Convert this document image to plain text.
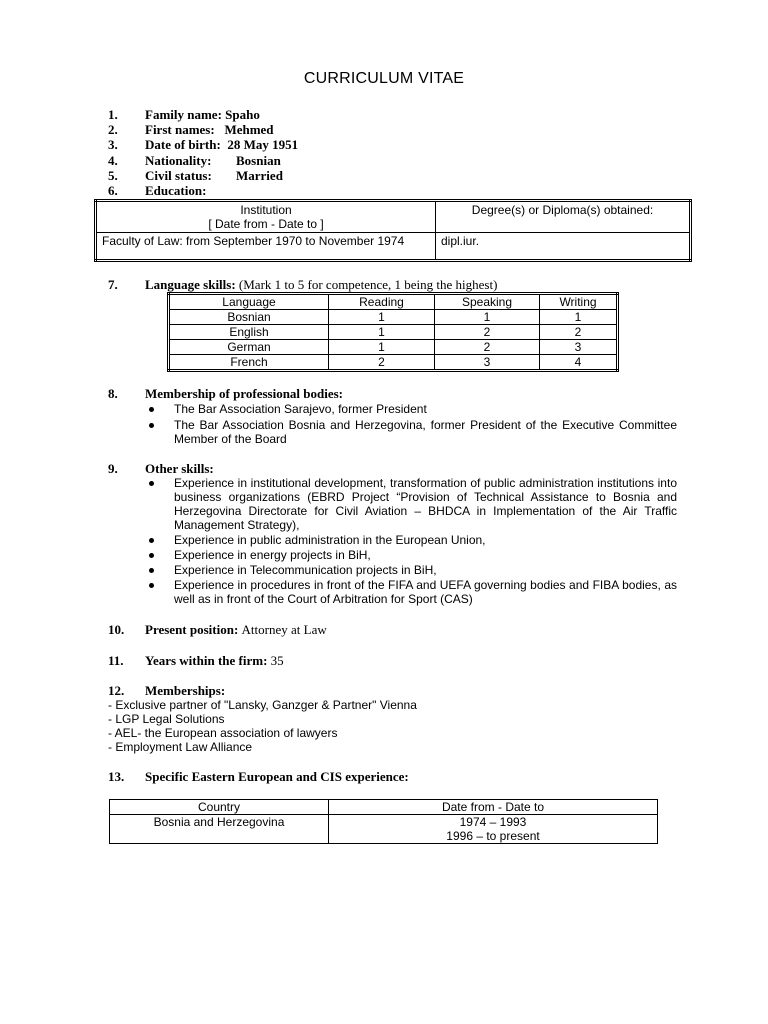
CURRICULUM VITAE
1. Family name: Spaho
2. First names: Mehmed
3. Date of birth: 28 May 1951
4. Nationality: Bosnian
5. Civil status: Married
6. Education:
Institution
[ Date from - Date to ]	Degree(s) or Diploma(s) obtained:
Faculty of Law: from September 1970 to November 1974	dipl.iur.
7. Language skills: (Mark 1 to 5 for competence, 1 being the highest)
Language	Reading	Speaking	Writing
Bosnian	1	1	1
English	1	2	2
German	1	2	3
French	2	3	4
8. Membership of professional bodies:
The Bar Association Sarajevo, former President
The Bar Association Bosnia and Herzegovina, former President of the Executive Committee Member of the Board
9. Other skills:
Experience in institutional development, transformation of public administration institutions into business organizations (EBRD Project “Provision of Technical Assistance to Bosnia and Herzegovina Directorate for Civil Aviation – BHDCA in Implementation of the Air Traffic Management Strategy),
Experience in public administration in the European Union,
Experience in energy projects in BiH,
Experience in Telecommunication projects in BiH,
Experience in procedures in front of the FIFA and UEFA governing bodies and FIBA bodies, as well as in front of the Court of Arbitration for Sport (CAS)
10. Present position: Attorney at Law
11. Years within the firm: 35
12. Memberships:
- Exclusive partner of "Lansky, Ganzger & Partner" Vienna
- LGP Legal Solutions
- AEL- the European association of lawyers
- Employment Law Alliance
13. Specific Eastern European and CIS experience:
Country	Date from - Date to
Bosnia and Herzegovina	1974 – 1993
1996 – to present
